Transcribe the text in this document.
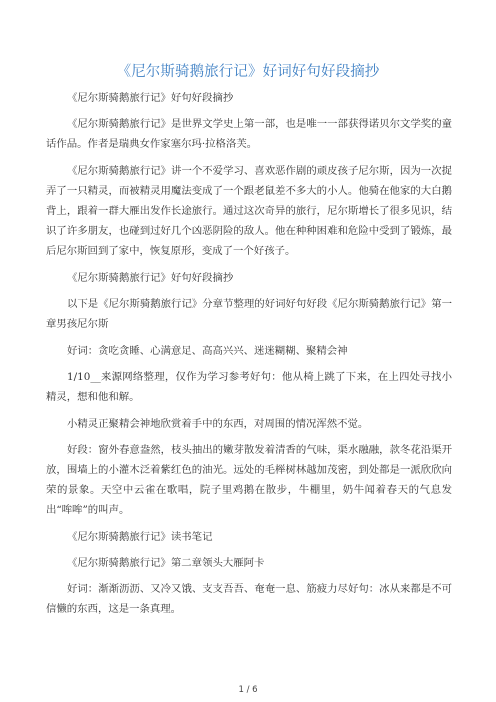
《尼尔斯骑鹅旅行记》好词好句好段摘抄

《尼尔斯骑鹅旅行记》好句好段摘抄

《尼尔斯骑鹅旅行记》是世界文学史上第一部，也是唯一一部获得诺贝尔文学奖的童话作品。作者是瑞典女作家塞尔玛·拉格洛芙。

《尼尔斯骑鹅旅行记》讲一个不爱学习、喜欢恶作剧的顽皮孩子尼尔斯，因为一次捉弄了一只精灵，而被精灵用魔法变成了一个跟老鼠差不多大的小人。他骑在他家的大白鹅背上，跟着一群大雁出发作长途旅行。通过这次奇异的旅行，尼尔斯增长了很多见识，结识了许多朋友，也碰到过好几个凶恶阴险的敌人。他在种种困难和危险中受到了锻炼，最后尼尔斯回到了家中，恢复原形，变成了一个好孩子。

《尼尔斯骑鹅旅行记》好句好段摘抄

以下是《尼尔斯骑鹅旅行记》分章节整理的好词好句好段《尼尔斯骑鹅旅行记》第一章男孩尼尔斯

好词：贪吃贪睡、心满意足、高高兴兴、迷迷糊糊、聚精会神

1/10__来源网络整理，仅作为学习参考好句：他从椅上跳了下来，在上四处寻找小精灵，想和他和解。

小精灵正聚精会神地欣赏着手中的东西，对周围的情况浑然不觉。

好段：窗外春意盎然，枝头抽出的嫩芽散发着清香的气味，渠水融融，款冬花沿渠开放，围墙上的小灌木泛着紫红色的油光。远处的毛榉树林越加茂密，到处都是一派欣欣向荣的景象。天空中云雀在歌唱，院子里鸡鹅在散步，牛棚里，奶牛闻着春天的气息发出“哞哞”的叫声。

《尼尔斯骑鹅旅行记》读书笔记

《尼尔斯骑鹅旅行记》第二章领头大雁阿卡

好词：渐渐沥沥、又冷又饿、支支吾吾、奄奄一息、筋疲力尽好句：冰从来都是不可信懒的东西，这是一条真理。

1 / 6
